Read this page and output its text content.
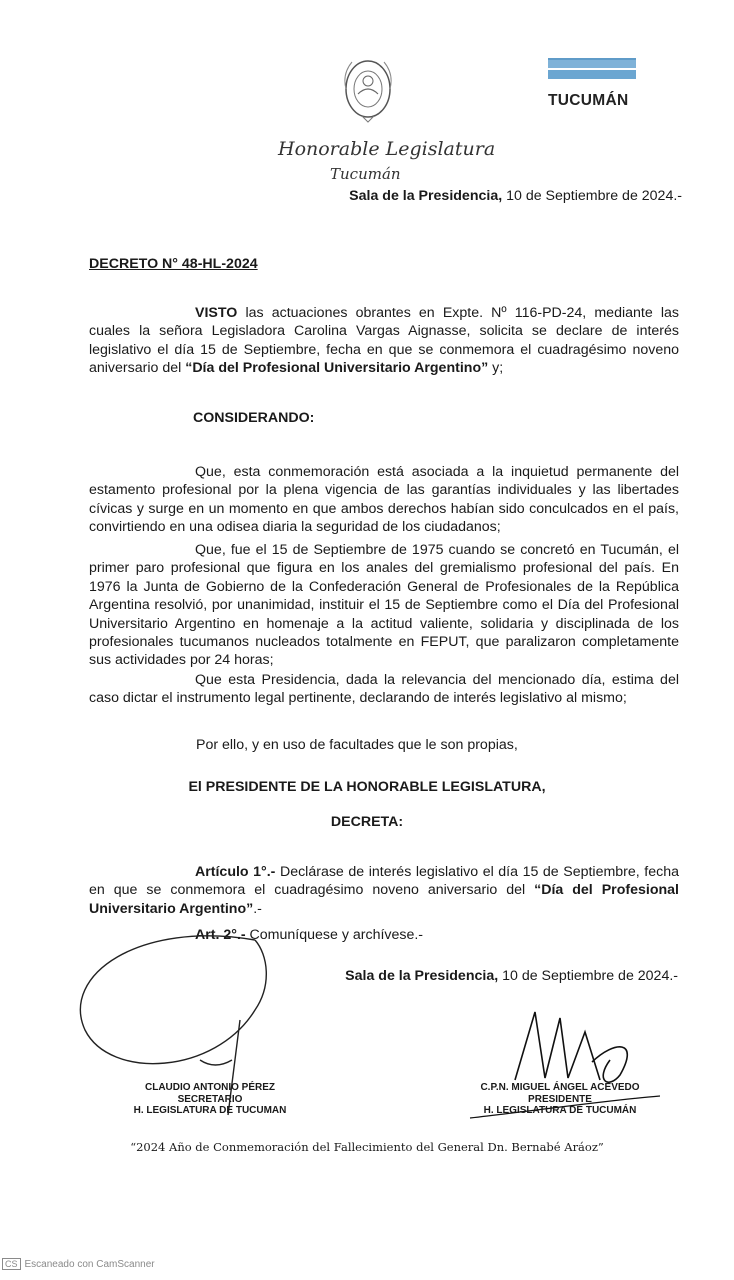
TUCUMÁN
Honorable Legislatura
Tucumán
Sala de la Presidencia, 10 de Septiembre de 2024.-
DECRETO N° 48-HL-2024

VISTO las actuaciones obrantes en Expte. Nº 116-PD-24, mediante las cuales la señora Legisladora Carolina Vargas Aignasse, solicita se declare de interés legislativo el día 15 de Septiembre, fecha en que se conmemora el cuadragésimo noveno aniversario del “Día del Profesional Universitario Argentino” y;

CONSIDERANDO:

Que, esta conmemoración está asociada a la inquietud permanente del estamento profesional por la plena vigencia de las garantías individuales y las libertades cívicas y surge en un momento en que ambos derechos habían sido conculcados en el país, convirtiendo en una odisea diaria la seguridad de los ciudadanos;

Que, fue el 15 de Septiembre de 1975 cuando se concretó en Tucumán, el primer paro profesional que figura en los anales del gremialismo profesional del país. En 1976 la Junta de Gobierno de la Confederación General de Profesionales de la República Argentina resolvió, por unanimidad, instituir el 15 de Septiembre como el Día del Profesional Universitario Argentino en homenaje a la actitud valiente, solidaria y disciplinada de los profesionales tucumanos nucleados totalmente en FEPUT, que paralizaron completamente sus actividades por 24 horas;

Que esta Presidencia, dada la relevancia del mencionado día, estima del caso dictar el instrumento legal pertinente, declarando de interés legislativo al mismo;

Por ello, y en uso de facultades que le son propias,
El PRESIDENTE DE LA HONORABLE LEGISLATURA,
DECRETA:

Artículo 1°.- Declárase de interés legislativo el día 15 de Septiembre, fecha en que se conmemora el cuadragésimo noveno aniversario del “Día del Profesional Universitario Argentino”.-

Art. 2°.- Comuníquese y archívese.-
Sala de la Presidencia, 10 de Septiembre de 2024.-
CLAUDIO ANTONIO PÉREZ
SECRETARIO
H. LEGISLATURA DE TUCUMAN
C.P.N. MIGUEL ÁNGEL ACEVEDO
PRESIDENTE
H. LEGISLATURA DE TUCUMÁN
“2024 Año de Conmemoración del Fallecimiento del General Dn. Bernabé Aráoz”
CS Escaneado con CamScanner
